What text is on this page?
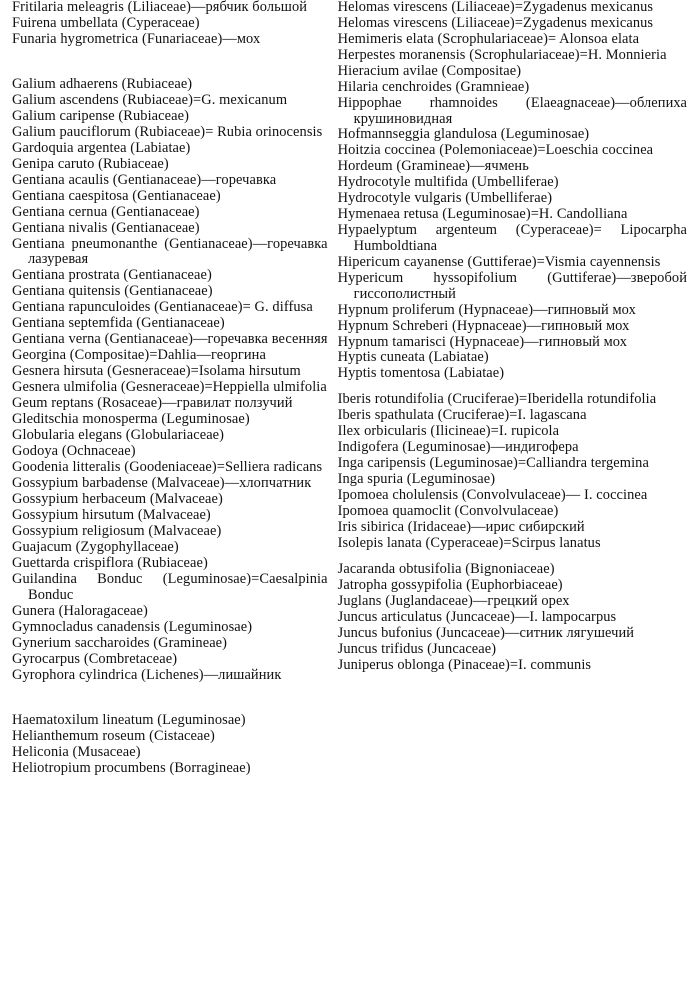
Fritilaria meleagris (Liliaceae)—рябчик большой
Fuirena umbellata (Cyperaceae)
Funaria hygrometrica (Funariaceae)—мох
Galium adhaerens (Rubiaceae)
Galium ascendens (Rubiaceae)=G. mexicanum
Galium caripense (Rubiaceae)
Galium pauciflorum (Rubiaceae)= Rubia orinocensis
Gardoquia argentea (Labiatae)
Genipa caruto (Rubiaceae)
Gentiana acaulis (Gentianaceae)—горечавка
Gentiana caespitosa (Gentianaceae)
Gentiana cernua (Gentianaceae)
Gentiana nivalis (Gentianaceae)
Gentiana pneumonanthe (Gentianaceae)—горечавка лазуревая
Gentiana prostrata (Gentianaceae)
Gentiana quitensis (Gentianaceae)
Gentiana rapunculoides (Gentianaceae)= G. diffusa
Gentiana septemfida (Gentianaceae)
Gentiana verna (Gentianaceae)—горечавка весенняя
Georgina (Compositae)=Dahlia—георгина
Gesnera hirsuta (Gesneraceae)=Isolama hirsutum
Gesnera ulmifolia (Gesneraceae)=Heppiella ulmifolia
Geum reptans (Rosaceae)—гравилат ползучий
Gleditschia monosperma (Leguminosae)
Globularia elegans (Globulariaceae)
Godoya (Ochnaceae)
Goodenia litteralis (Goodeniaceae)=Selliera radicans
Gossypium barbadense (Malvaceae)—хлопчатник
Gossypium herbaceum (Malvaceae)
Gossypium hirsutum (Malvaceae)
Gossypium religiosum (Malvaceae)
Guajacum (Zygophyllaceae)
Guettarda crispiflora (Rubiaceae)
Guilandina Bonduc (Leguminosae)=Caesalpinia Bonduc
Gunera (Haloragaceae)
Gymnocladus canadensis (Leguminosae)
Gynerium saccharoides (Gramineae)
Gyrocarpus (Combretaceae)
Gyrophora cylindrica (Lichenes)—лишайник
Haematoxilum lineatum (Leguminosae)
Helianthemum roseum (Cistaceae)
Heliconia (Musaceae)
Heliotropium procumbens (Borragineae)
Helomas virescens (Liliaceae)=Zygadenus mexicanus
Helomas virescens (Liliaceae)=Zygadenus mexicanus
Hemimeris elata (Scrophulariaceae)= Alonsoa elata
Herpestes moranensis (Scrophulariaceae)=H. Monnieria
Hieracium avilae (Compositae)
Hilaria cenchroides (Gramnieae)
Hippophae rhamnoides (Elaeagnaceae)—облепиха крушиновидная
Hofmannseggia glandulosa (Leguminosae)
Hoitzia coccinea (Polemoniaceae)=Loeschia coccinea
Hordeum (Gramineae)—ячмень
Hydrocotyle multifida (Umbelliferae)
Hydrocotyle vulgaris (Umbelliferae)
Hymenaea retusa (Leguminosae)=H. Candolliana
Hypaelyptum argenteum (Cyperaceae)= Lipocarpha Humboldtiana
Hipericum cayanense (Guttiferae)=Vismia cayennensis
Hypericum hyssopifolium (Guttiferae)—зверобой гиссополистный
Hypnum proliferum (Hypnaceae)—гипновый мох
Hypnum Schreberi (Hypnaceae)—гипновый мох
Hypnum tamarisci (Hypnaceae)—гипновый мох
Hyptis cuneata (Labiatae)
Hyptis tomentosa (Labiatae)
Iberis rotundifolia (Cruciferae)=Iberidella rotundifolia
Iberis spathulata (Cruciferae)=I. lagascana
Ilex orbicularis (Ilicineae)=I. rupicola
Indigofera (Leguminosae)—индигофера
Inga caripensis (Leguminosae)=Calliandra tergemina
Inga spuria (Leguminosae)
Ipomoea cholulensis (Convolvulaceae)— I. coccinea
Ipomoea quamoclit (Convolvulaceae)
Iris sibirica (Iridaceae)—ирис сибирский
Isolepis lanata (Cyperaceae)=Scirpus lanatus
Jacaranda obtusifolia (Bignoniaceae)
Jatropha gossypifolia (Euphorbiaceae)
Juglans (Juglandaceae)—грецкий орех
Juncus articulatus (Juncaceae)—I. lampocarpus
Juncus bufonius (Juncaceae)—ситник лягушечий
Juncus trifidus (Juncaceae)
Juniperus oblonga (Pinaceae)=I. communis
